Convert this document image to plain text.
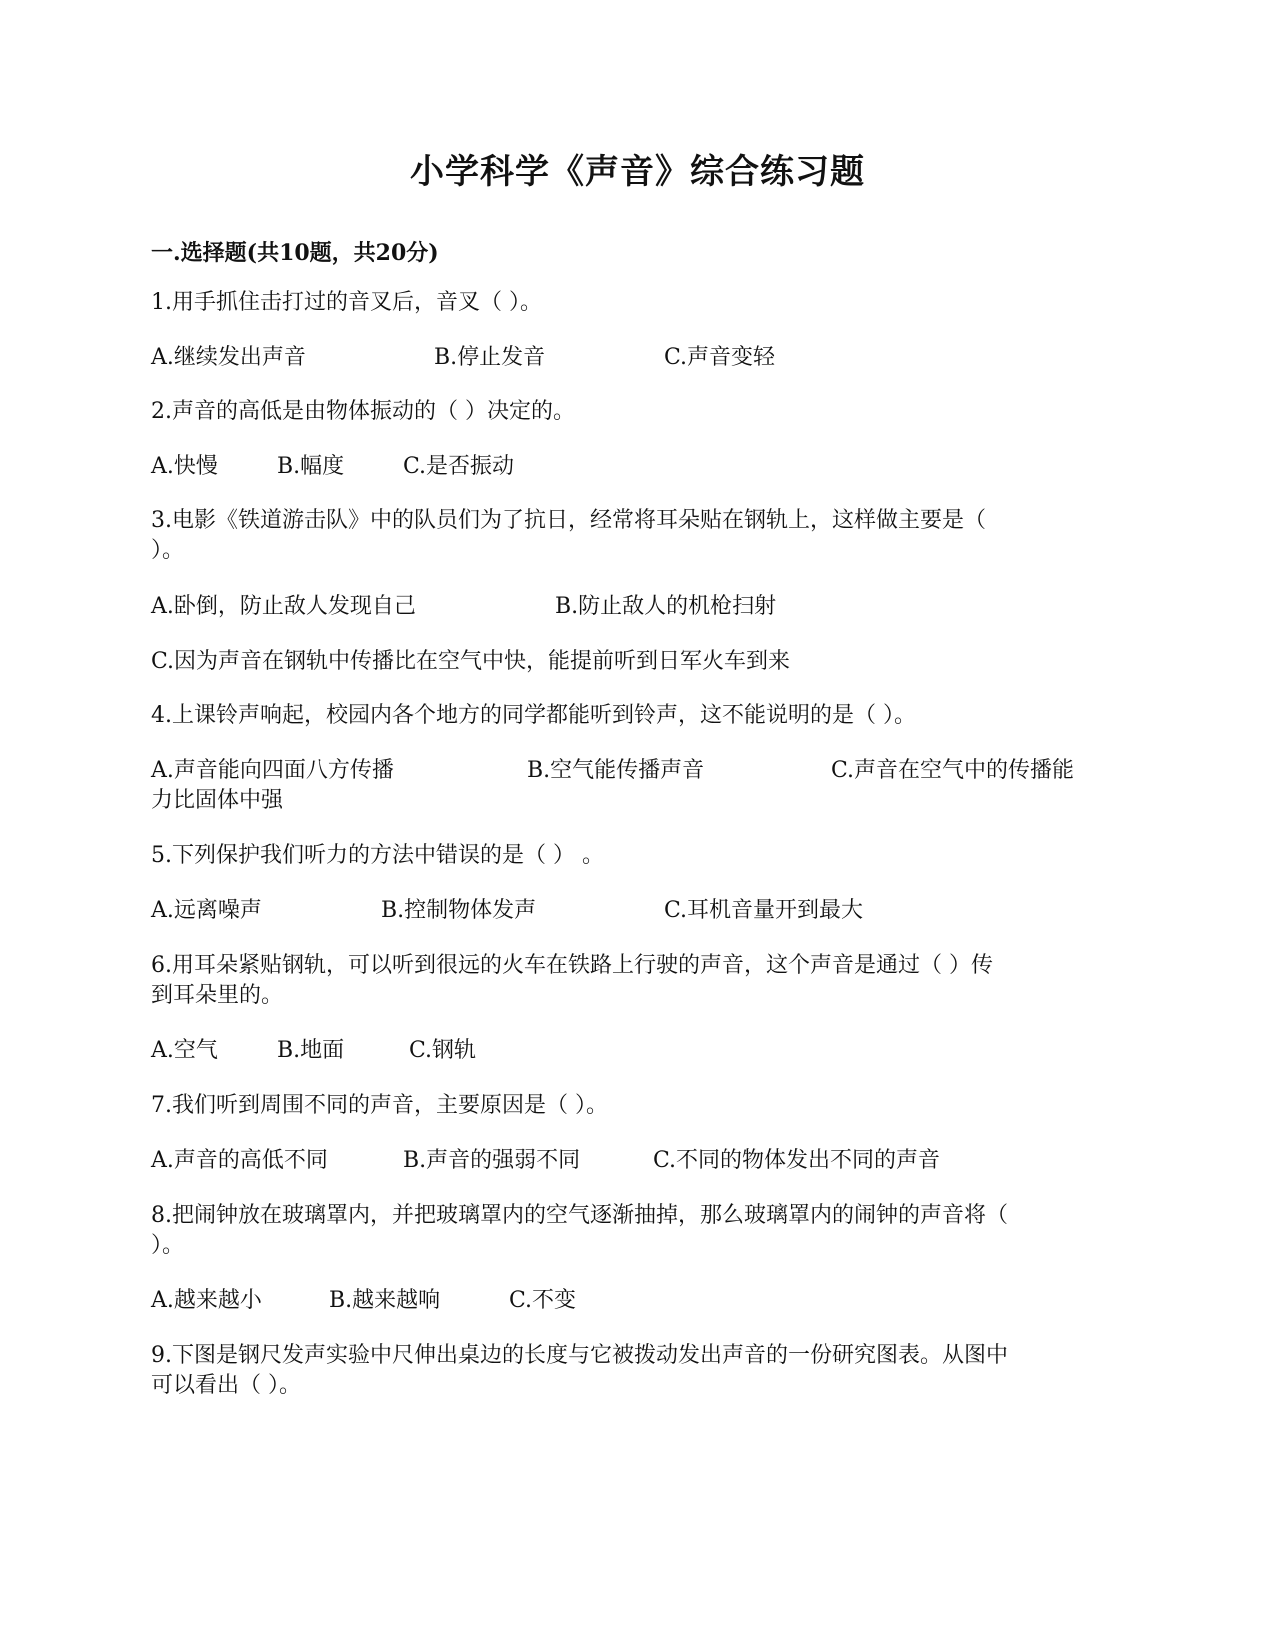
小学科学《声音》综合练习题
一.选择题(共10题，共20分)
1.用手抓住击打过的音叉后，音叉（ ）。
A.继续发出声音	B.停止发音	C.声音变轻
2.声音的高低是由物体振动的（ ）决定的。
A.快慢	B.幅度	C.是否振动
3.电影《铁道游击队》中的队员们为了抗日，经常将耳朵贴在钢轨上，这样做主要是（
）。
A.卧倒，防止敌人发现自己	B.防止敌人的机枪扫射
C.因为声音在钢轨中传播比在空气中快，能提前听到日军火车到来
4.上课铃声响起，校园内各个地方的同学都能听到铃声，这不能说明的是（ ）。
A.声音能向四面八方传播	B.空气能传播声音	C.声音在空气中的传播能
力比固体中强
5.下列保护我们听力的方法中错误的是（ ） 。
A.远离噪声	B.控制物体发声	C.耳机音量开到最大
6.用耳朵紧贴钢轨，可以听到很远的火车在铁路上行驶的声音，这个声音是通过（ ）传
到耳朵里的。
A.空气	B.地面	C.钢轨
7.我们听到周围不同的声音，主要原因是（ ）。
A.声音的高低不同	B.声音的强弱不同	C.不同的物体发出不同的声音
8.把闹钟放在玻璃罩内，并把玻璃罩内的空气逐渐抽掉，那么玻璃罩内的闹钟的声音将（
）。
A.越来越小	B.越来越响	C.不变
9.下图是钢尺发声实验中尺伸出桌边的长度与它被拨动发出声音的一份研究图表。从图中
可以看出（ ）。
